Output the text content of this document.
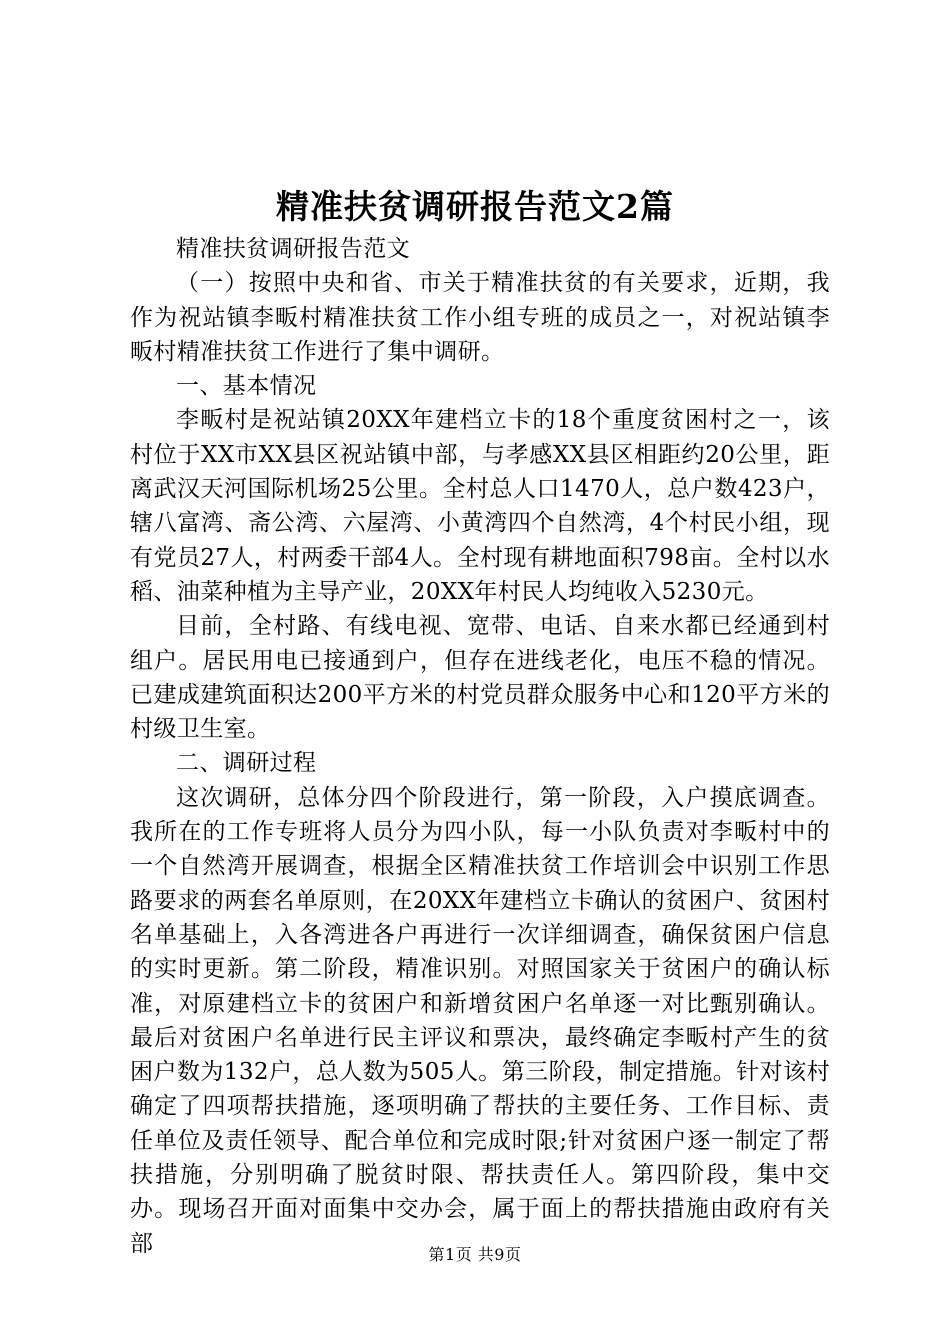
精准扶贫调研报告范文2篇

精准扶贫调研报告范文

（一）按照中央和省、市关于精准扶贫的有关要求，近期，我作为祝站镇李畈村精准扶贫工作小组专班的成员之一，对祝站镇李畈村精准扶贫工作进行了集中调研。

一、基本情况

李畈村是祝站镇20XX年建档立卡的18个重度贫困村之一，该村位于XX市XX县区祝站镇中部，与孝感XX县区相距约20公里，距离武汉天河国际机场25公里。全村总人口1470人，总户数423户，辖八富湾、斋公湾、六屋湾、小黄湾四个自然湾，4个村民小组，现有党员27人，村两委干部4人。全村现有耕地面积798亩。全村以水稻、油菜种植为主导产业，20XX年村民人均纯收入5230元。

目前，全村路、有线电视、宽带、电话、自来水都已经通到村组户。居民用电已接通到户，但存在进线老化，电压不稳的情况。已建成建筑面积达200平方米的村党员群众服务中心和120平方米的村级卫生室。

二、调研过程

这次调研，总体分四个阶段进行，第一阶段，入户摸底调查。我所在的工作专班将人员分为四小队，每一小队负责对李畈村中的一个自然湾开展调查，根据全区精准扶贫工作培训会中识别工作思路要求的两套名单原则，在20XX年建档立卡确认的贫困户、贫困村名单基础上，入各湾进各户再进行一次详细调查，确保贫困户信息的实时更新。第二阶段，精准识别。对照国家关于贫困户的确认标准，对原建档立卡的贫困户和新增贫困户名单逐一对比甄别确认。最后对贫困户名单进行民主评议和票决，最终确定李畈村产生的贫困户数为132户，总人数为505人。第三阶段，制定措施。针对该村确定了四项帮扶措施，逐项明确了帮扶的主要任务、工作目标、责任单位及责任领导、配合单位和完成时限;针对贫困户逐一制定了帮扶措施，分别明确了脱贫时限、帮扶责任人。第四阶段，集中交办。现场召开面对面集中交办会，属于面上的帮扶措施由政府有关部	第1页 共9页
